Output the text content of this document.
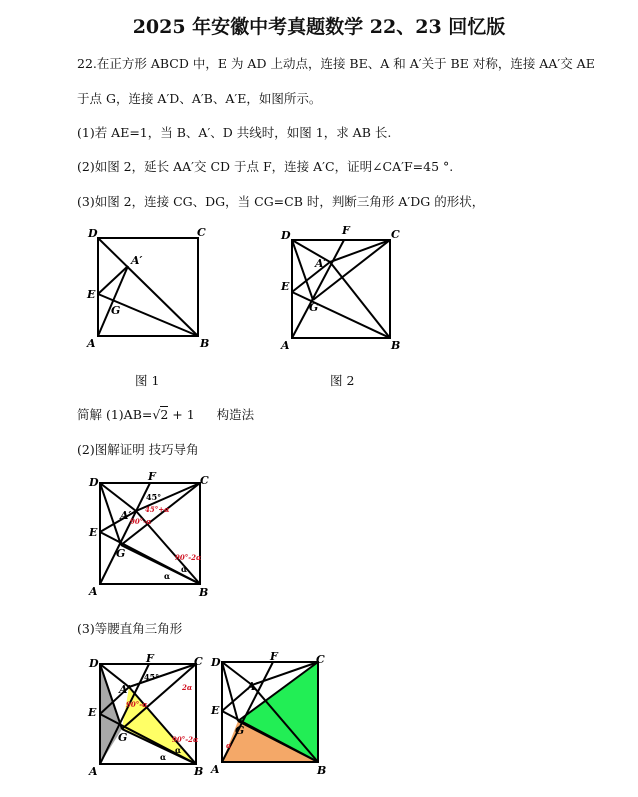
2025 年安徽中考真题数学 22、23 回忆版
22.在正方形 ABCD 中，E 为 AD 上动点，连接 BE、A 和 A′关于 BE 对称，连接 AA′交 AE
于点 G，连接 A′D、A′B、A′E，如图所示。
(1)若 AE=1，当 B、A′、D 共线时，如图 1，求 AB 长.
(2)如图 2，延长 AA′交 CD 于点 F，连接 A′C，证明∠CA′F=45 °.
(3)如图 2，连接 CG、DG，当 CG=CB 时，判断三角形 A′DG 的形状，
D	C
E
G
A′
A	B
D	F	C
A′
E
G
A	B
图 1	图 2
简解 (1)AB=√2 + 1 构造法
(2)图解证明 技巧导角
D	F	C
A′
E
G
A	B
45°
45°+α
90°-α
90°-2α
α
α
(3)等腰直角三角形
D	F	C
A′
E
G
A	B
45°
2α
90°-α
90°-2α
α
α
D	F	C
A′
E
G
A	B
α
